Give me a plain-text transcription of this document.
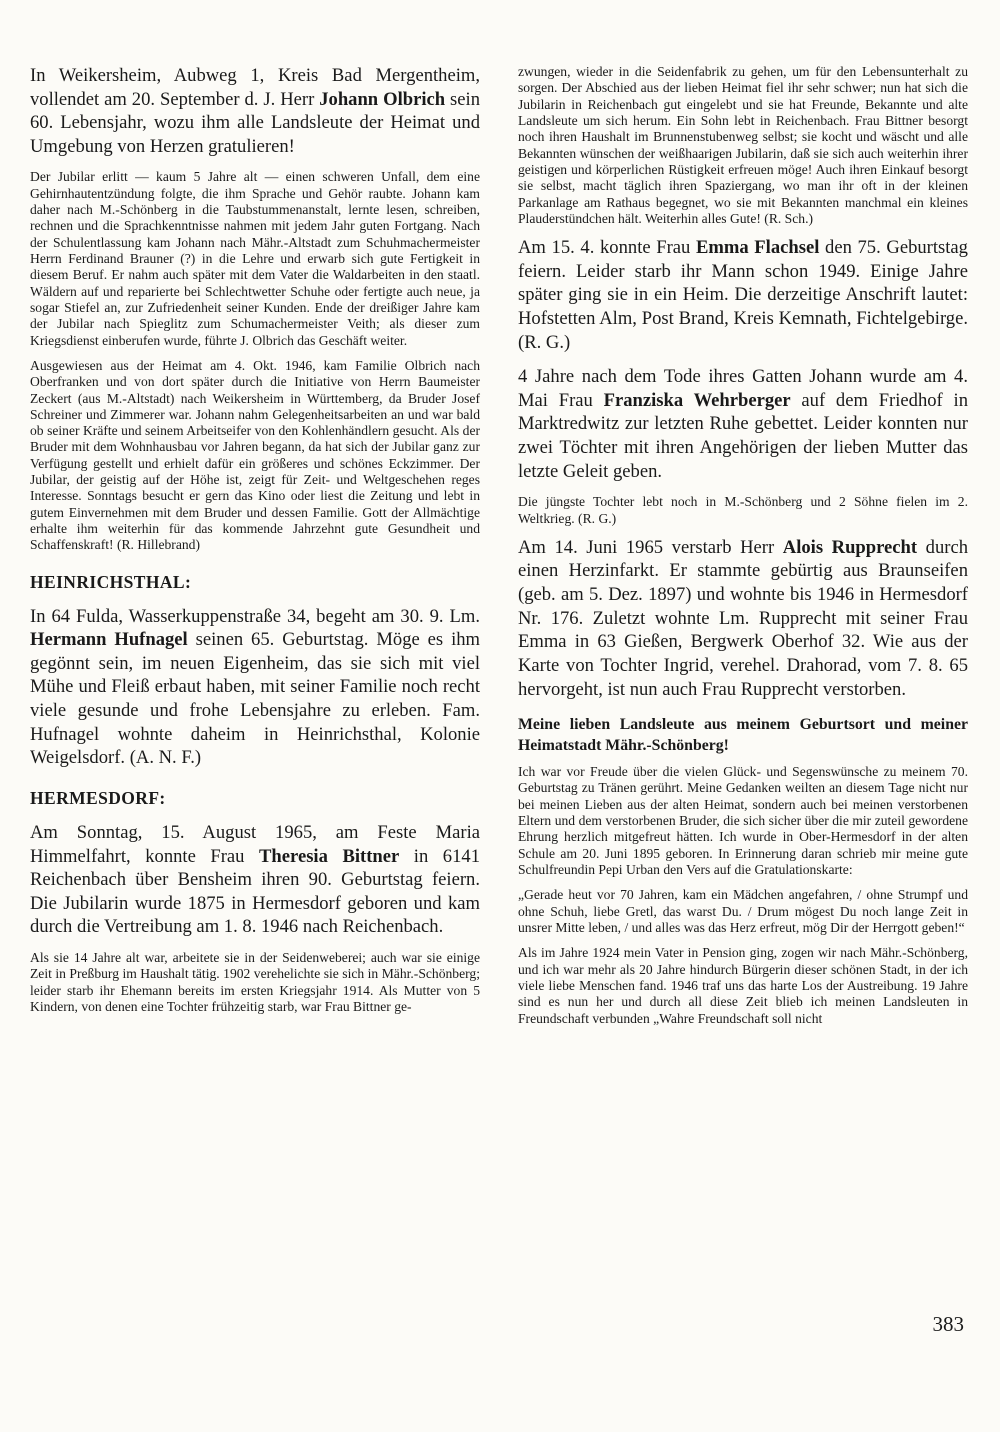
In Weikersheim, Aubweg 1, Kreis Bad Mergentheim, vollendet am 20. September d. J. Herr Johann Olbrich sein 60. Lebensjahr, wozu ihm alle Landsleute der Heimat und Umgebung von Herzen gratulieren!

Der Jubilar erlitt — kaum 5 Jahre alt — einen schweren Unfall, dem eine Gehirnhautentzündung folgte, die ihm Sprache und Gehör raubte. Johann kam daher nach M.-Schönberg in die Taubstummenanstalt, lernte lesen, schreiben, rechnen und die Sprachkenntnisse nahmen mit jedem Jahr guten Fortgang. Nach der Schulentlassung kam Johann nach Mähr.-Altstadt zum Schuhmachermeister Herrn Ferdinand Brauner (?) in die Lehre und erwarb sich gute Fertigkeit in diesem Beruf. Er nahm auch später mit dem Vater die Waldarbeiten in den staatl. Wäldern auf und reparierte bei Schlechtwetter Schuhe oder fertigte auch neue, ja sogar Stiefel an, zur Zufriedenheit seiner Kunden. Ende der dreißiger Jahre kam der Jubilar nach Spieglitz zum Schumachermeister Veith; als dieser zum Kriegsdienst einberufen wurde, führte J. Olbrich das Geschäft weiter.

Ausgewiesen aus der Heimat am 4. Okt. 1946, kam Familie Olbrich nach Oberfranken und von dort später durch die Initiative von Herrn Baumeister Zeckert (aus M.-Altstadt) nach Weikersheim in Württemberg, da Bruder Josef Schreiner und Zimmerer war. Johann nahm Gelegenheitsarbeiten an und war bald ob seiner Kräfte und seinem Arbeitseifer von den Kohlenhändlern gesucht. Als der Bruder mit dem Wohnhausbau vor Jahren begann, da hat sich der Jubilar ganz zur Verfügung gestellt und erhielt dafür ein größeres und schönes Eckzimmer. Der Jubilar, der geistig auf der Höhe ist, zeigt für Zeit- und Weltgeschehen reges Interesse. Sonntags besucht er gern das Kino oder liest die Zeitung und lebt in gutem Einvernehmen mit dem Bruder und dessen Familie. Gott der Allmächtige erhalte ihm weiterhin für das kommende Jahrzehnt gute Gesundheit und Schaffenskraft! (R. Hillebrand)

HEINRICHSTHAL:

In 64 Fulda, Wasserkuppenstraße 34, begeht am 30. 9. Lm. Hermann Hufnagel seinen 65. Geburtstag. Möge es ihm gegönnt sein, im neuen Eigenheim, das sie sich mit viel Mühe und Fleiß erbaut haben, mit seiner Familie noch recht viele gesunde und frohe Lebensjahre zu erleben. Fam. Hufnagel wohnte daheim in Heinrichsthal, Kolonie Weigelsdorf. (A. N. F.)

HERMESDORF:

Am Sonntag, 15. August 1965, am Feste Maria Himmelfahrt, konnte Frau Theresia Bittner in 6141 Reichenbach über Bensheim ihren 90. Geburtstag feiern. Die Jubilarin wurde 1875 in Hermesdorf geboren und kam durch die Vertreibung am 1. 8. 1946 nach Reichenbach.

Als sie 14 Jahre alt war, arbeitete sie in der Seidenweberei; auch war sie einige Zeit in Preßburg im Haushalt tätig. 1902 verehelichte sie sich in Mähr.-Schönberg; leider starb ihr Ehemann bereits im ersten Kriegsjahr 1914. Als Mutter von 5 Kindern, von denen eine Tochter frühzeitig starb, war Frau Bittner ge-

zwungen, wieder in die Seidenfabrik zu gehen, um für den Lebensunterhalt zu sorgen. Der Abschied aus der lieben Heimat fiel ihr sehr schwer; nun hat sich die Jubilarin in Reichenbach gut eingelebt und sie hat Freunde, Bekannte und alte Landsleute um sich herum. Ein Sohn lebt in Reichenbach. Frau Bittner besorgt noch ihren Haushalt im Brunnenstubenweg selbst; sie kocht und wäscht und alle Bekannten wünschen der weißhaarigen Jubilarin, daß sie sich auch weiterhin ihrer geistigen und körperlichen Rüstigkeit erfreuen möge! Auch ihren Einkauf besorgt sie selbst, macht täglich ihren Spaziergang, wo man ihr oft in der kleinen Parkanlage am Rathaus begegnet, wo sie mit Bekannten manchmal ein kleines Plauderstündchen hält. Weiterhin alles Gute! (R. Sch.)

Am 15. 4. konnte Frau Emma Flachsel den 75. Geburtstag feiern. Leider starb ihr Mann schon 1949. Einige Jahre später ging sie in ein Heim. Die derzeitige Anschrift lautet: Hofstetten Alm, Post Brand, Kreis Kemnath, Fichtelgebirge. (R. G.)

4 Jahre nach dem Tode ihres Gatten Johann wurde am 4. Mai Frau Franziska Wehrberger auf dem Friedhof in Marktredwitz zur letzten Ruhe gebettet. Leider konnten nur zwei Töchter mit ihren Angehörigen der lieben Mutter das letzte Geleit geben.

Die jüngste Tochter lebt noch in M.-Schönberg und 2 Söhne fielen im 2. Weltkrieg. (R. G.)

Am 14. Juni 1965 verstarb Herr Alois Rupprecht durch einen Herzinfarkt. Er stammte gebürtig aus Braunseifen (geb. am 5. Dez. 1897) und wohnte bis 1946 in Hermesdorf Nr. 176. Zuletzt wohnte Lm. Rupprecht mit seiner Frau Emma in 63 Gießen, Bergwerk Oberhof 32. Wie aus der Karte von Tochter Ingrid, verehel. Drahorad, vom 7. 8. 65 hervorgeht, ist nun auch Frau Rupprecht verstorben.

Meine lieben Landsleute aus meinem Geburtsort und meiner Heimatstadt Mähr.-Schönberg!

Ich war vor Freude über die vielen Glück- und Segenswünsche zu meinem 70. Geburtstag zu Tränen gerührt. Meine Gedanken weilten an diesem Tage nicht nur bei meinen Lieben aus der alten Heimat, sondern auch bei meinen verstorbenen Eltern und dem verstorbenen Bruder, die sich sicher über die mir zuteil gewordene Ehrung herzlich mitgefreut hätten. Ich wurde in Ober-Hermesdorf in der alten Schule am 20. Juni 1895 geboren. In Erinnerung daran schrieb mir meine gute Schulfreundin Pepi Urban den Vers auf die Gratulationskarte:

„Gerade heut vor 70 Jahren, kam ein Mädchen angefahren, / ohne Strumpf und ohne Schuh, liebe Gretl, das warst Du. / Drum mögest Du noch lange Zeit in unsrer Mitte leben, / und alles was das Herz erfreut, mög Dir der Herrgott geben!“

Als im Jahre 1924 mein Vater in Pension ging, zogen wir nach Mähr.-Schönberg, und ich war mehr als 20 Jahre hindurch Bürgerin dieser schönen Stadt, in der ich viele liebe Menschen fand. 1946 traf uns das harte Los der Austreibung. 19 Jahre sind es nun her und durch all diese Zeit blieb ich meinen Landsleuten in Freundschaft verbunden „Wahre Freundschaft soll nicht

383
